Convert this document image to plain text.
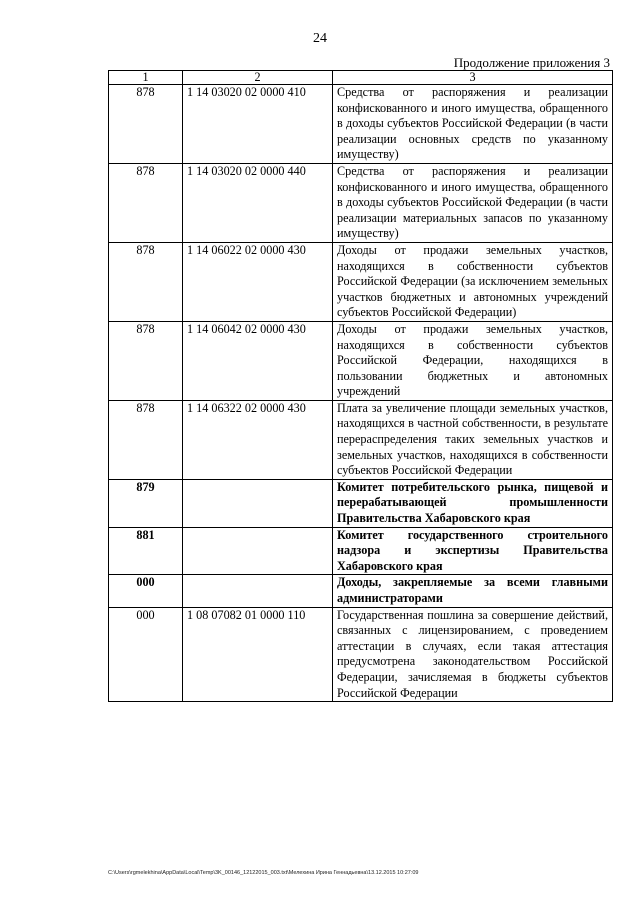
24
Продолжение приложения 3
1	2	3
878	1 14 03020 02 0000 410	Средства от распоряжения и реализации конфискованного и иного имущества, обращенного в доходы субъектов Российской Федерации (в части реализации основных средств по указанному имуществу)
878	1 14 03020 02 0000 440	Средства от распоряжения и реализации конфискованного и иного имущества, обращенного в доходы субъектов Российской Федерации (в части реализации материальных запасов по указанному имуществу)
878	1 14 06022 02 0000 430	Доходы от продажи земельных участков, находящихся в собственности субъектов Российской Федерации (за исключением земельных участков бюджетных и автономных учреждений субъектов Российской Федерации)
878	1 14 06042 02 0000 430	Доходы от продажи земельных участков, находящихся в собственности субъектов Российской Федерации, находящихся в пользовании бюджетных и автономных учреждений
878	1 14 06322 02 0000 430	Плата за увеличение площади земельных участков, находящихся в частной собственности, в результате перераспределения таких земельных участков и земельных участков, находящихся в собственности субъектов Российской Федерации
879		Комитет потребительского рынка, пищевой и перерабатывающей промышленности Правительства Хабаровского края
881		Комитет государственного строительного надзора и экспертизы Правительства Хабаровского края
000		Доходы, закрепляемые за всеми главными администраторами
000	1 08 07082 01 0000 110	Государственная пошлина за совершение действий, связанных с лицензированием, с проведением аттестации в случаях, если такая аттестация предусмотрена законодательством Российской Федерации, зачисляемая в бюджеты субъектов Российской Федерации
C:\Users\rgmelekhina\AppData\Local\Temp\3K_00146_12122015_003.txt\Мелехина Ирина Геннадьевна\13.12.2015 10:27:09
